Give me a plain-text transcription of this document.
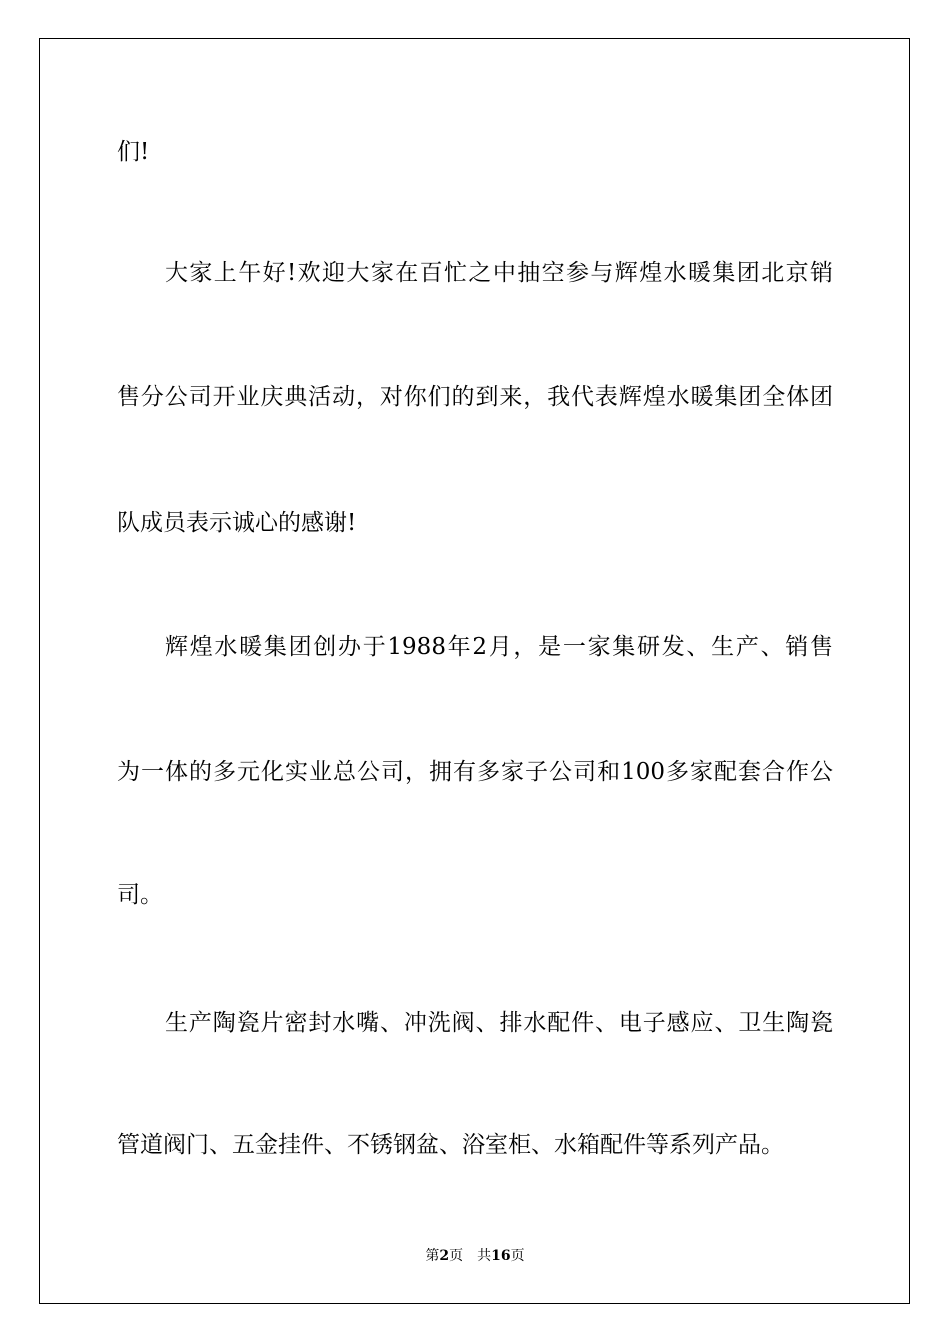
们!
大家上午好!欢迎大家在百忙之中抽空参与辉煌水暖集团北京销
售分公司开业庆典活动，对你们的到来，我代表辉煌水暖集团全体团
队成员表示诚心的感谢!
辉煌水暖集团创办于1988年2月，是一家集研发、生产、销售
为一体的多元化实业总公司，拥有多家子公司和100多家配套合作公
司。
生产陶瓷片密封水嘴、冲洗阀、排水配件、电子感应、卫生陶瓷
管道阀门、五金挂件、不锈钢盆、浴室柜、水箱配件等系列产品。
第2页 共16页
